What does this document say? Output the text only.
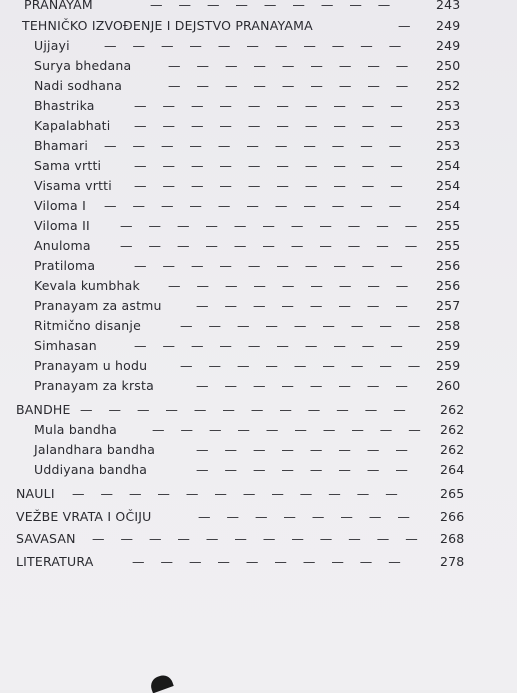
PRANAYAM	— — — — — — — — —	243
TEHNIČKO IZVOĐENJE I DEJSTVO PRANAYAMA	—	249
Ujjayi	— — — — — — — — — — —	249
Surya bhedana	— — — — — — — — —	250
Nadi sodhana	— — — — — — — — —	252
Bhastrika	— — — — — — — — — —	253
Kapalabhati — — — — — — — — — —	253
Bhamari — — — — — — — — — — —	253
Sama vrtti	— — — — — — — — — —	254
Visama vrtti — — — — — — — — — —	254
Viloma I — — — — — — — — — — —	254
Viloma II — — — — — — — — — — —	255
Anuloma — — — — — — — — — — —	255
Pratiloma	— — — — — — — — — —	256
Kevala kumbhak — — — — — — — — —	256
Pranayam za astmu	— — — — — — — —	257
Ritmično disanje	— — — — — — — — — 258
Simhasan	— — — — — — — — — —	259
Pranayam u hodu	— — — — — — — — — 259
Pranayam za krsta	— — — — — — — —	260
BANDHE — — — — — — — — — — — —	262
Mula bandha	— — — — — — — — — — 262
Jalandhara bandha	— — — — — — — —	262
Uddiyana bandha	— — — — — — — —	264
NAULI — — — — — — — — — — — —	265
VEŽBE VRATA I OČIJU	— — — — — — — —	266
SAVASAN — — — — — — — — — — — —	268
LITERATURA	— — — — — — — — — —	278
